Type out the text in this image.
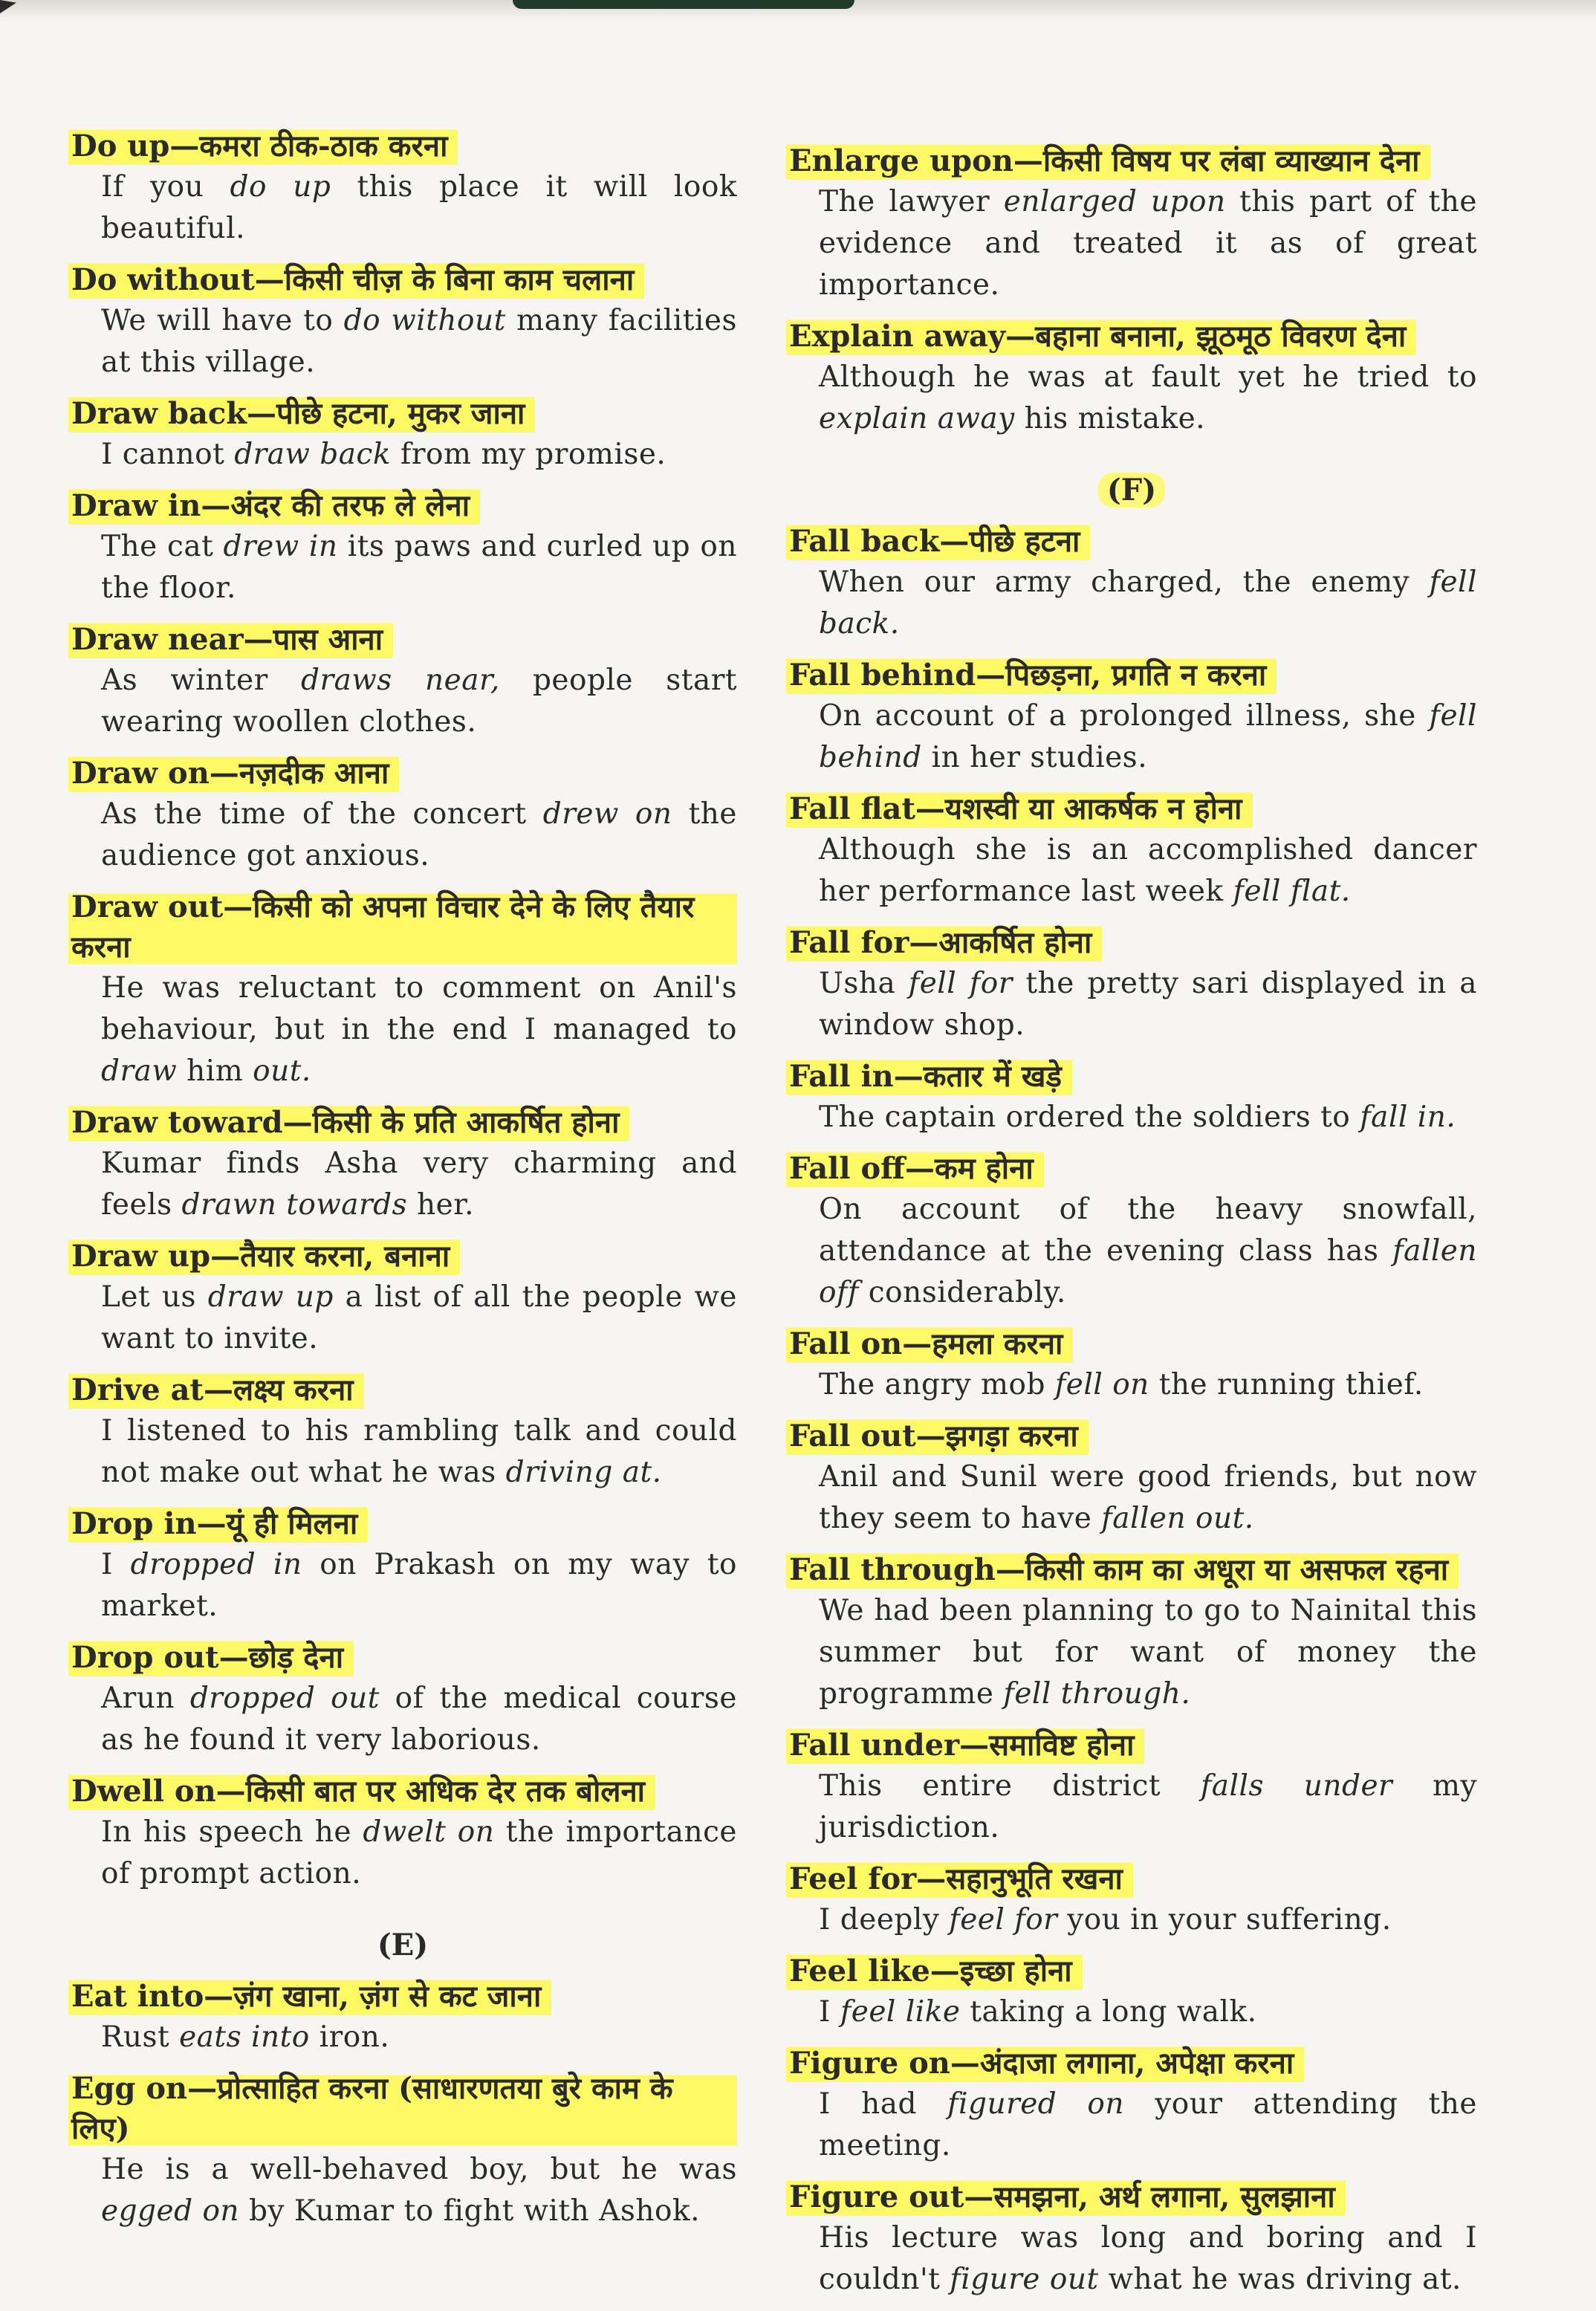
Do up—कमरा ठीक-ठाक करना
If you do up this place it will look beautiful.
Do without—किसी चीज़ के बिना काम चलाना
We will have to do without many facilities at this village.
Draw back—पीछे हटना, मुकर जाना
I cannot draw back from my promise.
Draw in—अंदर की तरफ ले लेना
The cat drew in its paws and curled up on the floor.
Draw near—पास आना
As winter draws near, people start wearing woollen clothes.
Draw on—नज़दीक आना
As the time of the concert drew on the audience got anxious.
Draw out—किसी को अपना विचार देने के लिए तैयार करना
He was reluctant to comment on Anil's behaviour, but in the end I managed to draw him out.
Draw toward—किसी के प्रति आकर्षित होना
Kumar finds Asha very charming and feels drawn towards her.
Draw up—तैयार करना, बनाना
Let us draw up a list of all the people we want to invite.
Drive at—लक्ष्य करना
I listened to his rambling talk and could not make out what he was driving at.
Drop in—यूं ही मिलना
I dropped in on Prakash on my way to market.
Drop out—छोड़ देना
Arun dropped out of the medical course as he found it very laborious.
Dwell on—किसी बात पर अधिक देर तक बोलना
In his speech he dwelt on the importance of prompt action.
(E)
Eat into—ज़ंग खाना, ज़ंग से कट जाना
Rust eats into iron.
Egg on—प्रोत्साहित करना (साधारणतया बुरे काम के लिए)
He is a well-behaved boy, but he was egged on by Kumar to fight with Ashok.
Enlarge upon—किसी विषय पर लंबा व्याख्यान देना
The lawyer enlarged upon this part of the evidence and treated it as of great importance.
Explain away—बहाना बनाना, झूठमूठ विवरण देना
Although he was at fault yet he tried to explain away his mistake.
(F)
Fall back—पीछे हटना
When our army charged, the enemy fell back.
Fall behind—पिछड़ना, प्रगति न करना
On account of a prolonged illness, she fell behind in her studies.
Fall flat—यशस्वी या आकर्षक न होना
Although she is an accomplished dancer her performance last week fell flat.
Fall for—आकर्षित होना
Usha fell for the pretty sari displayed in a window shop.
Fall in—कतार में खड़े
The captain ordered the soldiers to fall in.
Fall off—कम होना
On account of the heavy snowfall, attendance at the evening class has fallen off considerably.
Fall on—हमला करना
The angry mob fell on the running thief.
Fall out—झगड़ा करना
Anil and Sunil were good friends, but now they seem to have fallen out.
Fall through—किसी काम का अधूरा या असफल रहना
We had been planning to go to Nainital this summer but for want of money the programme fell through.
Fall under—समाविष्ट होना
This entire district falls under my jurisdiction.
Feel for—सहानुभूति रखना
I deeply feel for you in your suffering.
Feel like—इच्छा होना
I feel like taking a long walk.
Figure on—अंदाजा लगाना, अपेक्षा करना
I had figured on your attending the meeting.
Figure out—समझना, अर्थ लगाना, सुलझाना
His lecture was long and boring and I couldn't figure out what he was driving at.
